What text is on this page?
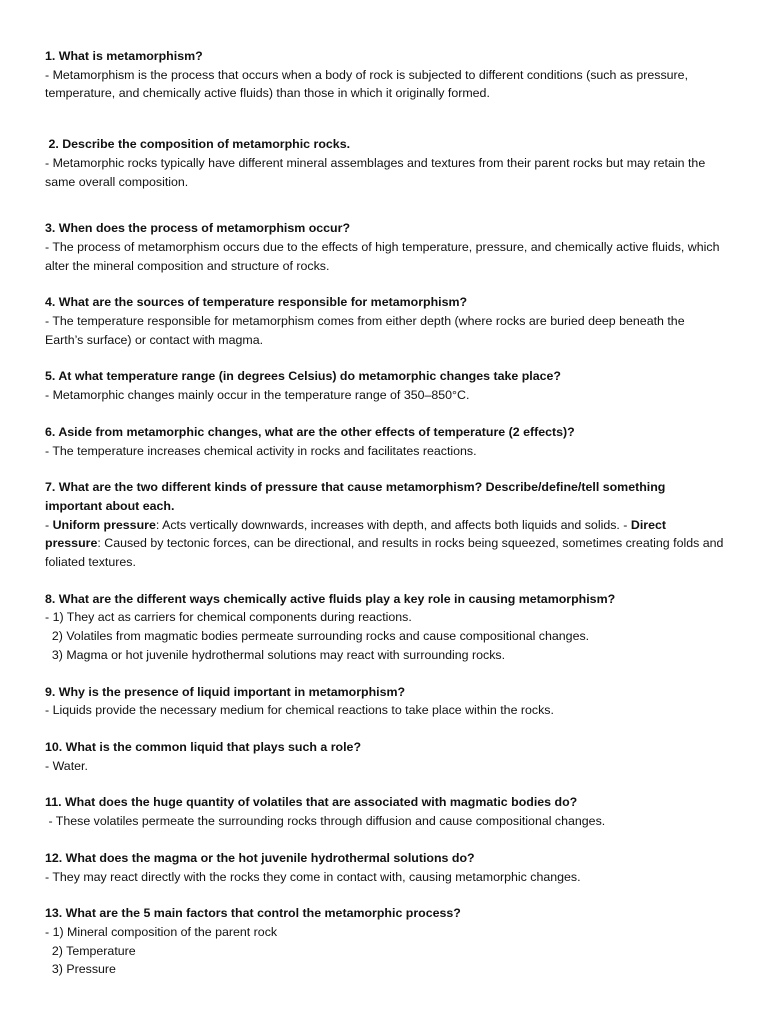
1. What is metamorphism?
- Metamorphism is the process that occurs when a body of rock is subjected to different conditions (such as pressure, temperature, and chemically active fluids) than those in which it originally formed.
2. Describe the composition of metamorphic rocks.
- Metamorphic rocks typically have different mineral assemblages and textures from their parent rocks but may retain the same overall composition.
3. When does the process of metamorphism occur?
- The process of metamorphism occurs due to the effects of high temperature, pressure, and chemically active fluids, which alter the mineral composition and structure of rocks.
4. What are the sources of temperature responsible for metamorphism?
- The temperature responsible for metamorphism comes from either depth (where rocks are buried deep beneath the Earth’s surface) or contact with magma.
5. At what temperature range (in degrees Celsius) do metamorphic changes take place?
- Metamorphic changes mainly occur in the temperature range of 350–850°C.
6. Aside from metamorphic changes, what are the other effects of temperature (2 effects)?
- The temperature increases chemical activity in rocks and facilitates reactions.
7. What are the two different kinds of pressure that cause metamorphism? Describe/define/tell something important about each.
- Uniform pressure: Acts vertically downwards, increases with depth, and affects both liquids and solids. - Direct pressure: Caused by tectonic forces, can be directional, and results in rocks being squeezed, sometimes creating folds and foliated textures.
8. What are the different ways chemically active fluids play a key role in causing metamorphism?
- 1) They act as carriers for chemical components during reactions.
2) Volatiles from magmatic bodies permeate surrounding rocks and cause compositional changes.
3) Magma or hot juvenile hydrothermal solutions may react with surrounding rocks.
9. Why is the presence of liquid important in metamorphism?
- Liquids provide the necessary medium for chemical reactions to take place within the rocks.
10. What is the common liquid that plays such a role?
- Water.
11. What does the huge quantity of volatiles that are associated with magmatic bodies do?
- These volatiles permeate the surrounding rocks through diffusion and cause compositional changes.
12. What does the magma or the hot juvenile hydrothermal solutions do?
- They may react directly with the rocks they come in contact with, causing metamorphic changes.
13. What are the 5 main factors that control the metamorphic process?
- 1) Mineral composition of the parent rock
2) Temperature
3) Pressure
